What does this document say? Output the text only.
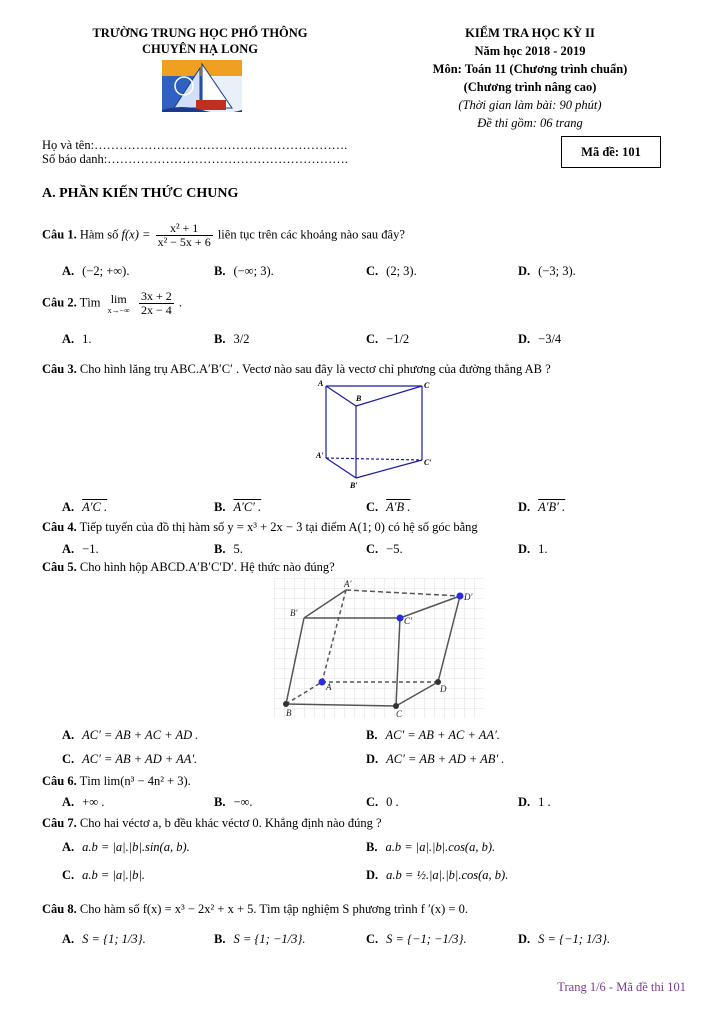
TRƯỜNG TRUNG HỌC PHỔ THÔNG
CHUYÊN HẠ LONG
KIỂM TRA HỌC KỲ II
Năm học 2018 - 2019
Môn: Toán 11 (Chương trình chuẩn)
(Chương trình nâng cao)
(Thời gian làm bài: 90 phút)
Đề thi gồm: 06 trang
Họ và tên:…………………………………………………….
Số báo danh:………………………………………………….
Mã đề: 101
A. PHẦN KIẾN THỨC CHUNG
Câu 1. Hàm số $f(x) = \frac{\text{x² + 1}}{\text{x² − 5x + 6}}$ liên tục trên các khoảng nào sau đây?
A. (−2; +∞).	B. (−∞; 3).	C. (2; 3).	D. (−3; 3).
Câu 2. Tìm lim
x→−∞
$\frac{3x + 2}{2x - 4}$ .
A. 1.	B. 3/2	C. −1/2	D. −3/4
Câu 3. Cho hình lăng trụ ABC.A′B′C′ . Vectơ nào sau đây là vectơ chỉ phương của đường thẳng AB ?
A
B
C
A′
B′
C′
A. A′C .	B. A′C′ .	C. A′B .	D. A′B′ .
Câu 4. Tiếp tuyến của đồ thị hàm số y = x³ + 2x − 3 tại điểm A(1; 0) có hệ số góc bằng
A. −1.	B. 5.	C. −5.	D. 1.
Câu 5. Cho hình hộp ABCD.A′B′C′D′. Hệ thức nào đúng?
A′
B′
C′
D′
A
B	C
D
A. AC′ = AB + AC + AD .	B. AC′ = AB + AC + AA′.
C. AC′ = AB + AD + AA′.	D. AC′ = AB + AD + AB′ .
Câu 6. Tìm lim(n³ − 4n² + 3).
A. +∞ .	B. −∞.	C. 0 .	D. 1 .
Câu 7. Cho hai véctơ a, b đều khác véctơ 0. Khẳng định nào đúng ?
A. a.b = |a|.|b|.sin(a, b).	B. a.b = |a|.|b|.cos(a, b).
C. a.b = |a|.|b|.	D. a.b = ½.|a|.|b|.cos(a, b).
Câu 8. Cho hàm số f(x) = x³ − 2x² + x + 5. Tìm tập nghiệm S phương trình f ′(x) = 0.
A. S = {1; 1/3}.	B. S = {1; −1/3}.	C. S = {−1; −1/3}.	D. S = {−1; 1/3}.
Trang 1/6 - Mã đề thi 101
